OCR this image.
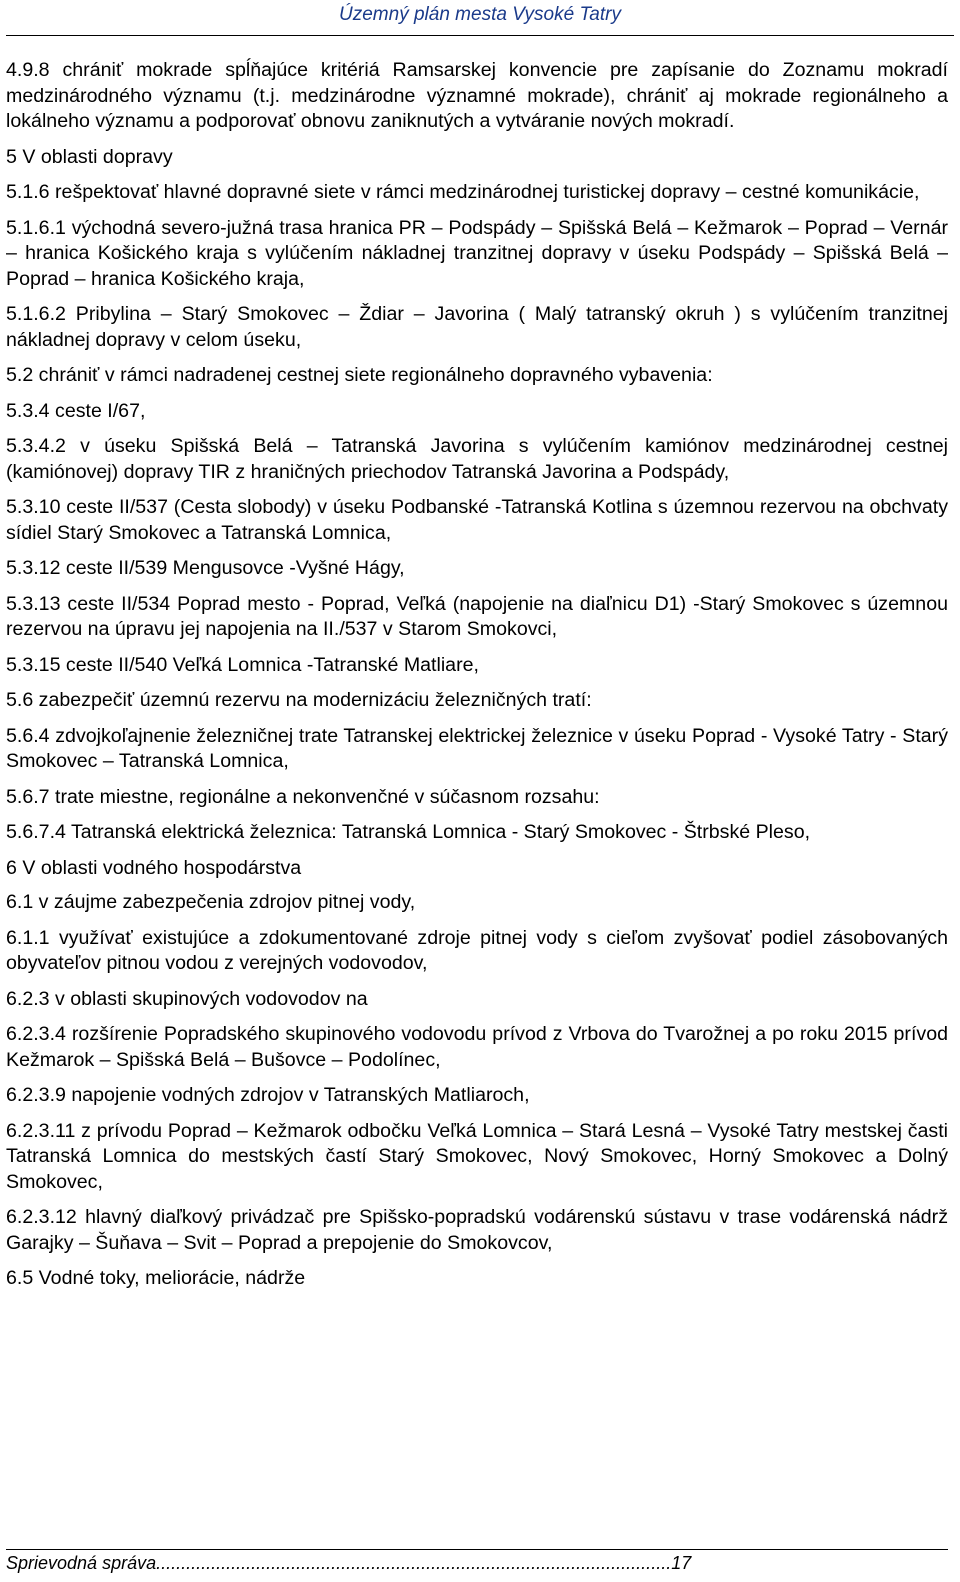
Územný plán mesta Vysoké Tatry

4.9.8 chrániť mokrade spĺňajúce kritériá Ramsarskej konvencie pre zapísanie do Zoznamu mokradí medzinárodného významu (t.j. medzinárodne významné mokrade), chrániť aj mokrade regionálneho a lokálneho významu a podporovať obnovu zaniknutých a vytváranie nových mokradí.

5 V oblasti dopravy

5.1.6 rešpektovať hlavné dopravné siete v rámci medzinárodnej turistickej dopravy – cestné komunikácie,

5.1.6.1 východná severo-južná trasa hranica PR – Podspády – Spišská Belá – Kežmarok – Poprad – Vernár – hranica Košického kraja s vylúčením nákladnej tranzitnej dopravy v úseku Podspády – Spišská Belá – Poprad – hranica Košického kraja,

5.1.6.2 Pribylina – Starý Smokovec – Ždiar – Javorina ( Malý tatranský okruh ) s vylúčením tranzitnej nákladnej dopravy v celom úseku,

5.2 chrániť v rámci nadradenej cestnej siete regionálneho dopravného vybavenia:

5.3.4 ceste I/67,

5.3.4.2 v úseku Spišská Belá – Tatranská Javorina s vylúčením kamiónov medzinárodnej cestnej (kamiónovej) dopravy TIR z hraničných priechodov Tatranská Javorina a Podspády,

5.3.10 ceste II/537 (Cesta slobody) v úseku Podbanské -Tatranská Kotlina s územnou rezervou na obchvaty sídiel Starý Smokovec a Tatranská Lomnica,

5.3.12 ceste II/539 Mengusovce -Vyšné Hágy,

5.3.13 ceste II/534 Poprad mesto - Poprad, Veľká (napojenie na diaľnicu D1) -Starý Smokovec s územnou rezervou na úpravu jej napojenia na II./537 v Starom Smokovci,

5.3.15 ceste II/540 Veľká Lomnica -Tatranské Matliare,

5.6 zabezpečiť územnú rezervu na modernizáciu železničných tratí:

5.6.4 zdvojkoľajnenie železničnej trate Tatranskej elektrickej železnice v úseku Poprad - Vysoké Tatry - Starý Smokovec – Tatranská Lomnica,

5.6.7 trate miestne, regionálne a nekonvenčné v súčasnom rozsahu:

5.6.7.4 Tatranská elektrická železnica: Tatranská Lomnica - Starý Smokovec - Štrbské Pleso,

6 V oblasti vodného hospodárstva

6.1 v záujme zabezpečenia zdrojov pitnej vody,

6.1.1 využívať existujúce a zdokumentované zdroje pitnej vody s cieľom zvyšovať podiel zásobovaných obyvateľov pitnou vodou z verejných vodovodov,

6.2.3 v oblasti skupinových vodovodov na

6.2.3.4 rozšírenie Popradského skupinového vodovodu prívod z Vrbova do Tvarožnej a po roku 2015 prívod Kežmarok – Spišská Belá – Bušovce – Podolínec,

6.2.3.9 napojenie vodných zdrojov v Tatranských Matliaroch,

6.2.3.11 z prívodu Poprad – Kežmarok odbočku Veľká Lomnica – Stará Lesná – Vysoké Tatry mestskej časti Tatranská Lomnica do mestských častí Starý Smokovec, Nový Smokovec, Horný Smokovec a Dolný Smokovec,

6.2.3.12 hlavný diaľkový privádzač pre Spišsko-popradskú vodárenskú sústavu v trase vodárenská nádrž Garajky – Šuňava – Svit – Poprad a prepojenie do Smokovcov,

6.5 Vodné toky, meliorácie, nádrže

Sprievodná správa.......................................................................................................17
